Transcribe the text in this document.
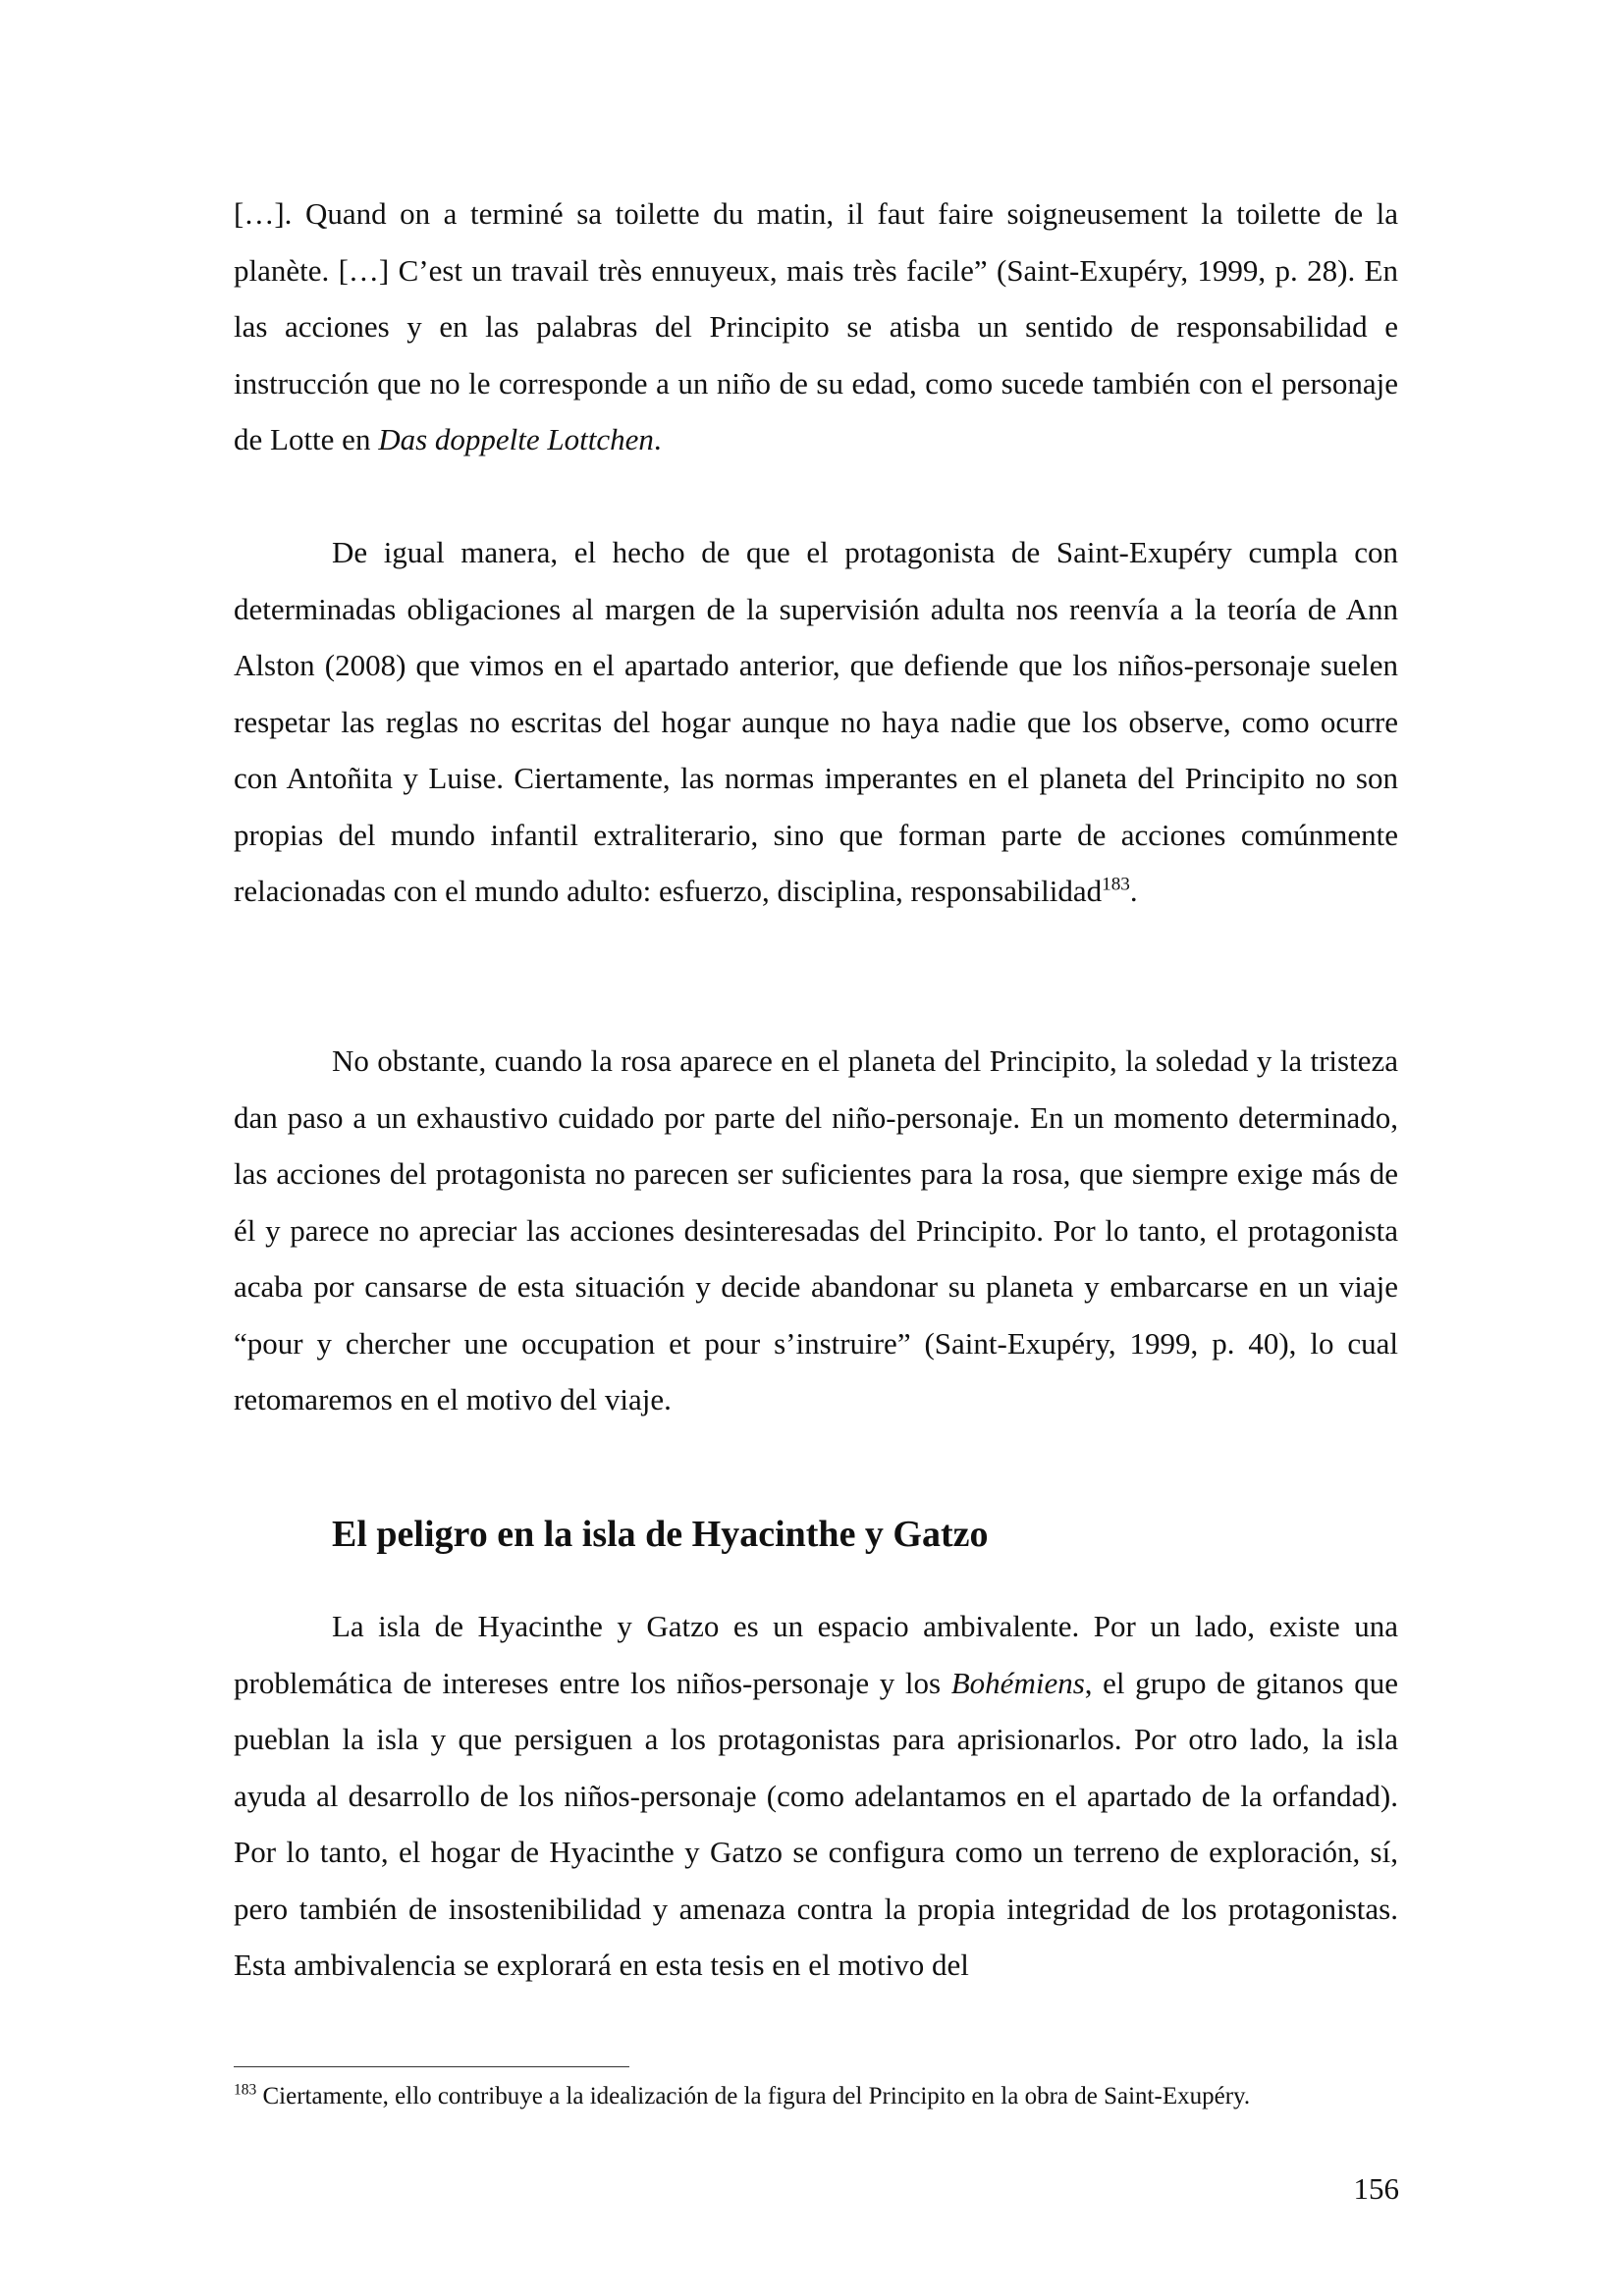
[…]. Quand on a terminé sa toilette du matin, il faut faire soigneusement la toilette de la planète. […] C’est un travail très ennuyeux, mais très facile” (Saint-Exupéry, 1999, p. 28). En las acciones y en las palabras del Principito se atisba un sentido de responsabilidad e instrucción que no le corresponde a un niño de su edad, como sucede también con el personaje de Lotte en Das doppelte Lottchen.

De igual manera, el hecho de que el protagonista de Saint-Exupéry cumpla con determinadas obligaciones al margen de la supervisión adulta nos reenvía a la teoría de Ann Alston (2008) que vimos en el apartado anterior, que defiende que los niños-personaje suelen respetar las reglas no escritas del hogar aunque no haya nadie que los observe, como ocurre con Antoñita y Luise. Ciertamente, las normas imperantes en el planeta del Principito no son propias del mundo infantil extraliterario, sino que forman parte de acciones comúnmente relacionadas con el mundo adulto: esfuerzo, disciplina, responsabilidad$^{183}$.

No obstante, cuando la rosa aparece en el planeta del Principito, la soledad y la tristeza dan paso a un exhaustivo cuidado por parte del niño-personaje. En un momento determinado, las acciones del protagonista no parecen ser suficientes para la rosa, que siempre exige más de él y parece no apreciar las acciones desinteresadas del Principito. Por lo tanto, el protagonista acaba por cansarse de esta situación y decide abandonar su planeta y embarcarse en un viaje “pour y chercher une occupation et pour s’instruire” (Saint-Exupéry, 1999, p. 40), lo cual retomaremos en el motivo del viaje.

El peligro en la isla de Hyacinthe y Gatzo

La isla de Hyacinthe y Gatzo es un espacio ambivalente. Por un lado, existe una problemática de intereses entre los niños-personaje y los Bohémiens, el grupo de gitanos que pueblan la isla y que persiguen a los protagonistas para aprisionarlos. Por otro lado, la isla ayuda al desarrollo de los niños-personaje (como adelantamos en el apartado de la orfandad). Por lo tanto, el hogar de Hyacinthe y Gatzo se configura como un terreno de exploración, sí, pero también de insostenibilidad y amenaza contra la propia integridad de los protagonistas. Esta ambivalencia se explorará en esta tesis en el motivo del

$^{183}$ Ciertamente, ello contribuye a la idealización de la figura del Principito en la obra de Saint-Exupéry.

156
